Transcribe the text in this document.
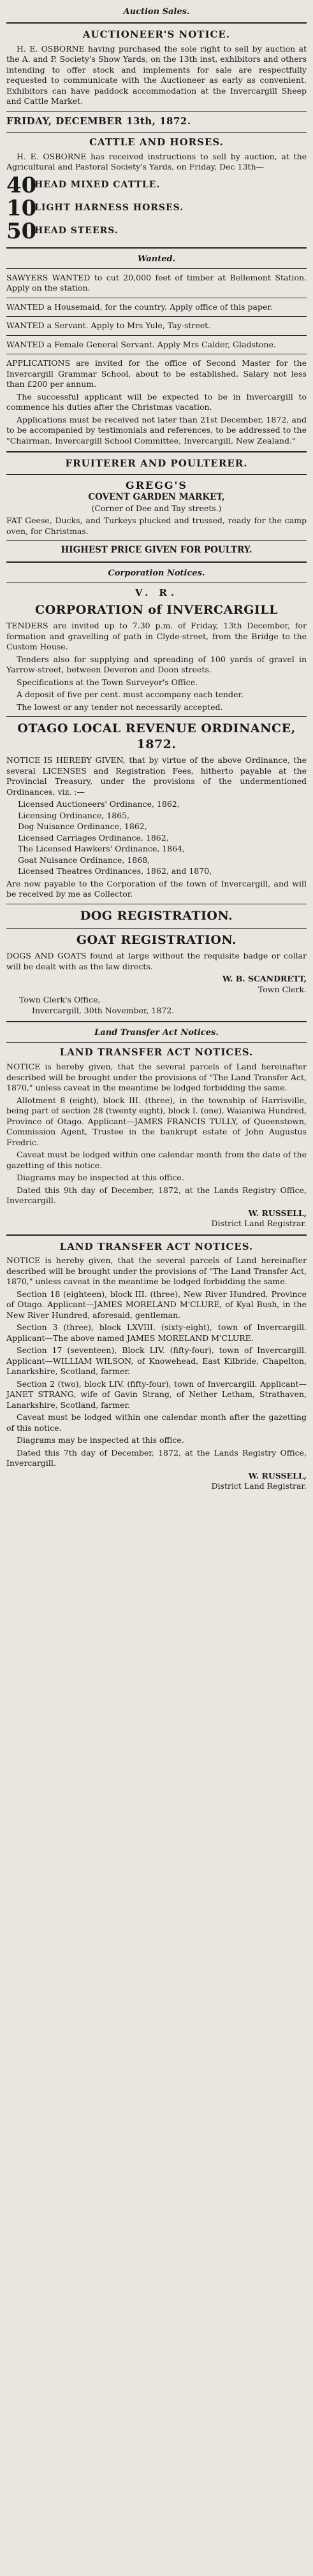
Auction Sales.
AUCTIONEER'S NOTICE.

H. E. OSBORNE having purchased the sole right to sell by auction at the A. and P. Society's Show Yards, on the 13th inst, exhibitors and others intending to offer stock and implements for sale are respectfully requested to communicate with the Auctioneer as early as convenient. Exhibitors can have paddock accommodation at the Invercargill Sheep and Cattle Market.

FRIDAY, DECEMBER 13th, 1872.
CATTLE AND HORSES.

H. E. OSBORNE has received instructions to sell by auction, at the Agricultural and Pastoral Society's Yards, on Friday, Dec 13th—

40
HEAD MIXED CATTLE.
10
LIGHT HARNESS HORSES.
50
HEAD STEERS.
Wanted.

SAWYERS WANTED to cut 20,000 feet of timber at Bellemont Station. Apply on the station.

WANTED a Housemaid, for the country. Apply office of this paper.

WANTED a Servant. Apply to Mrs Yule, Tay-street.

WANTED a Female General Servant. Apply Mrs Calder, Gladstone.

APPLICATIONS are invited for the office of Second Master for the Invercargill Grammar School, about to be established. Salary not less than £200 per annum.

The successful applicant will be expected to be in Invercargill to commence his duties after the Christmas vacation.

Applications must be received not later than 21st December, 1872, and to be accompanied by testimonials and references, to be addressed to the "Chairman, Invercargill School Committee, Invercargill, New Zealand."

FRUITERER AND POULTERER.
GREGG'S
COVENT GARDEN MARKET,
(Corner of Dee and Tay streets.)

FAT Geese, Ducks, and Turkeys plucked and trussed, ready for the camp oven, for Christmas.

HIGHEST PRICE GIVEN FOR POULTRY.
Corporation Notices.
V. R.
CORPORATION of INVERCARGILL

TENDERS are invited up to 7.30 p.m. of Friday, 13th December, for formation and gravelling of path in Clyde-street, from the Bridge to the Custom House.

Tenders also for supplying and spreading of 100 yards of gravel in Yarrow-street, between Deveron and Doon streets.

Specifications at the Town Surveyor's Office.

A deposit of five per cent. must accompany each tender.

The lowest or any tender not necessarily accepted.

OTAGO LOCAL REVENUE ORDINANCE, 1872.

NOTICE IS HEREBY GIVEN, that by virtue of the above Ordinance, the several LICENSES and Registration Fees, hitherto payable at the Provincial Treasury, under the provisions of the undermentioned Ordinances, viz. :—

Licensed Auctioneers' Ordinance, 1862,
Licensing Ordinance, 1865,
Dog Nuisance Ordinance, 1862,
Licensed Carriages Ordinance, 1862,
The Licensed Hawkers' Ordinance, 1864,
Goat Nuisance Ordinance, 1868,
Licensed Theatres Ordinances, 1862, and 1870,

Are now payable to the Corporation of the town of Invercargill, and will be received by me as Collector.

DOG REGISTRATION.
GOAT REGISTRATION.

DOGS AND GOATS found at large without the requisite badge or collar will be dealt with as the law directs.

W. B. SCANDRETT,
Town Clerk.
Town Clerk's Office,
Invercargill, 30th November, 1872.
Land Transfer Act Notices.
LAND TRANSFER ACT NOTICES.

NOTICE is hereby given, that the several parcels of Land hereinafter described will be brought under the provisions of "The Land Transfer Act, 1870," unless caveat in the meantime be lodged forbidding the same.

Allotment 8 (eight), block III. (three), in the township of Harrisville, being part of section 28 (twenty eight), block I. (one), Waianiwa Hundred, Province of Otago. Applicant—JAMES FRANCIS TULLY, of Queenstown, Commission Agent, Trustee in the bankrupt estate of John Augustus Fredric.

Caveat must be lodged within one calendar month from the date of the gazetting of this notice.

Diagrams may be inspected at this office.

Dated this 9th day of December, 1872, at the Lands Registry Office, Invercargill.

W. RUSSELL,
District Land Registrar.
LAND TRANSFER ACT NOTICES.

NOTICE is hereby given, that the several parcels of Land hereinafter described will be brought under the provisions of "The Land Transfer Act, 1870," unless caveat in the meantime be lodged forbidding the same.

Section 18 (eighteen), block III. (three), New River Hundred, Province of Otago. Applicant—JAMES MORELAND M'CLURE, of Kyal Bush, in the New River Hundred, aforesaid, gentleman.

Section 3 (three), block LXVIII. (sixty-eight), town of Invercargill. Applicant—The above named JAMES MORELAND M'CLURE.

Section 17 (seventeen), Block LIV. (fifty-four), town of Invercargill. Applicant—WILLIAM WILSON, of Knowehead, East Kilbride, Chapelton, Lanarkshire, Scotland, farmer.

Section 2 (two), block LIV. (fifty-four), town of Invercargill. Applicant—JANET STRANG, wife of Gavin Strang, of Nether Letham, Strathaven, Lanarkshire, Scotland, farmer.

Caveat must be lodged within one calendar month after the gazetting of this notice.

Diagrams may be inspected at this office.

Dated this 7th day of December, 1872, at the Lands Registry Office, Invercargill.

W. RUSSELL,
District Land Registrar.
